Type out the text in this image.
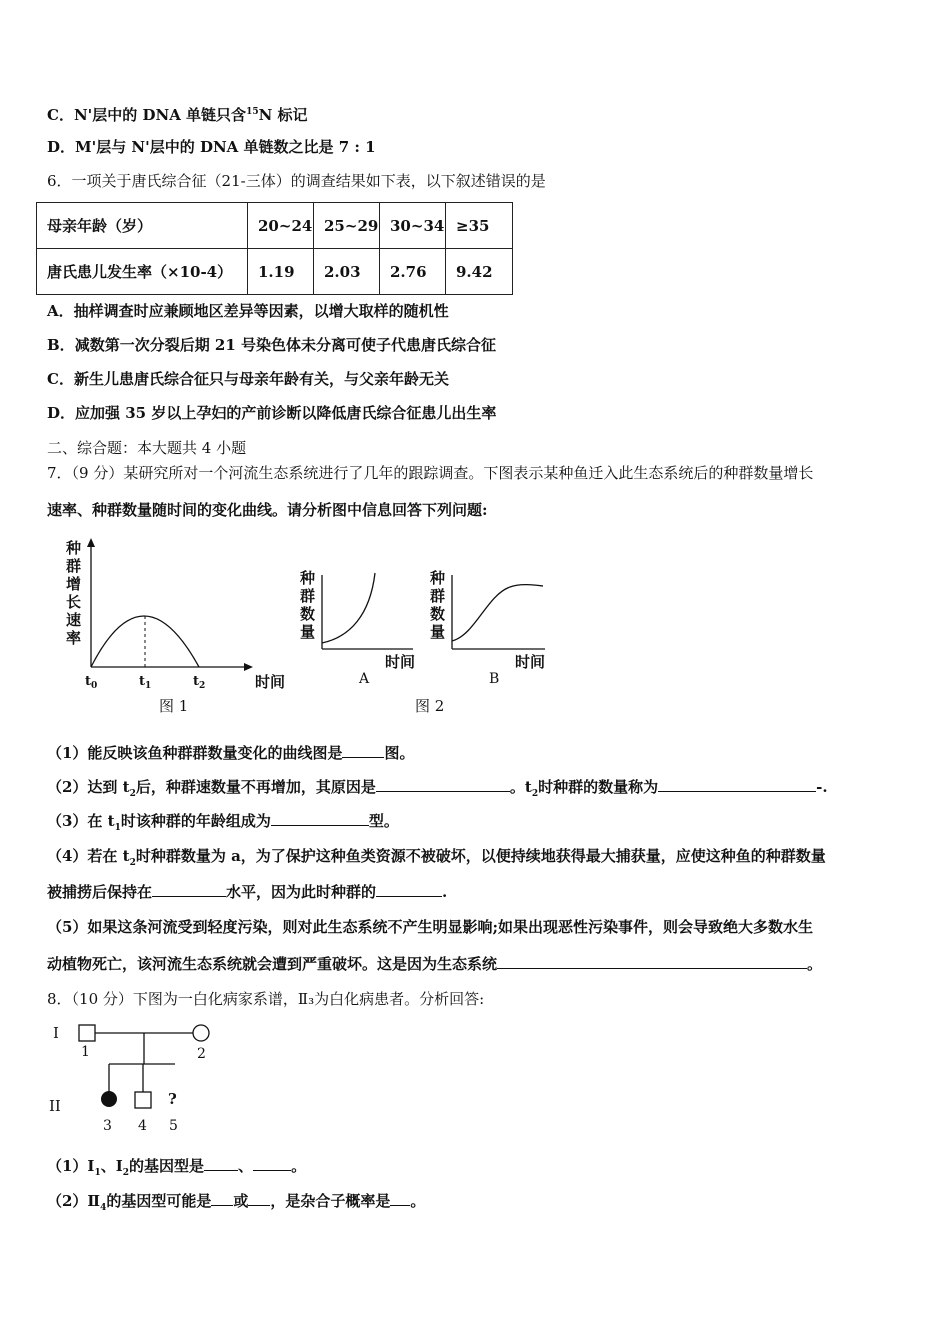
C．N'层中的 DNA 单链只含$^{15}$N 标记
D．M'层与 N'层中的 DNA 单链数之比是 7 : 1
6．一项关于唐氏综合征（21-三体）的调查结果如下表，以下叙述错误的是
母亲年龄（岁）	20~24	25~29	30~34	≥35
唐氏患儿发生率（×10-4）	1.19	2.03	2.76	9.42
A．抽样调查时应兼顾地区差异等因素，以增大取样的随机性
B．减数第一次分裂后期 21 号染色体未分离可使子代患唐氏综合征
C．新生儿患唐氏综合征只与母亲年龄有关，与父亲年龄无关
D．应加强 35 岁以上孕妇的产前诊断以降低唐氏综合征患儿出生率
二、综合题：本大题共 4 小题
7．（9 分）某研究所对一个河流生态系统进行了几年的跟踪调查。下图表示某种鱼迁入此生态系统后的种群数量增长
速率、种群数量随时间的变化曲线。请分析图中信息回答下列问题:
种
群
增
长
速
率
$t_0$	$t_1$	$t_2$	时间
图 1
种
群
数
量
时间
A
种
群
数
量
时间
B
图 2
（1）能反映该鱼种群群数量变化的曲线图是	图。
（2）达到 $t_2$后，种群速数量不再增加，其原因是	。$t_2$时种群的数量称为	-.
（3）在 $t_1$时该种群的年龄组成为	型。
（4）若在 $t_2$时种群数量为 a，为了保护这种鱼类资源不被破坏，以便持续地获得最大捕获量，应使这种鱼的种群数量
被捕捞后保持在	水平，因为此时种群的	.
（5）如果这条河流受到轻度污染，则对此生态系统不产生明显影响;如果出现恶性污染事件，则会导致绝大多数水生
动植物死亡，该河流生态系统就会遭到严重破坏。这是因为生态系统	。
8．（10 分）下图为一白化病家系谱，Ⅱ₃为白化病患者。分析回答:
I
II
1	2
?
3 4 5
$(1)Ⅰ_1$、$Ⅰ_2$的基因型是 、	。
$(2)Ⅱ_4$的基因型可能是 或 ，是杂合子概率是 。
